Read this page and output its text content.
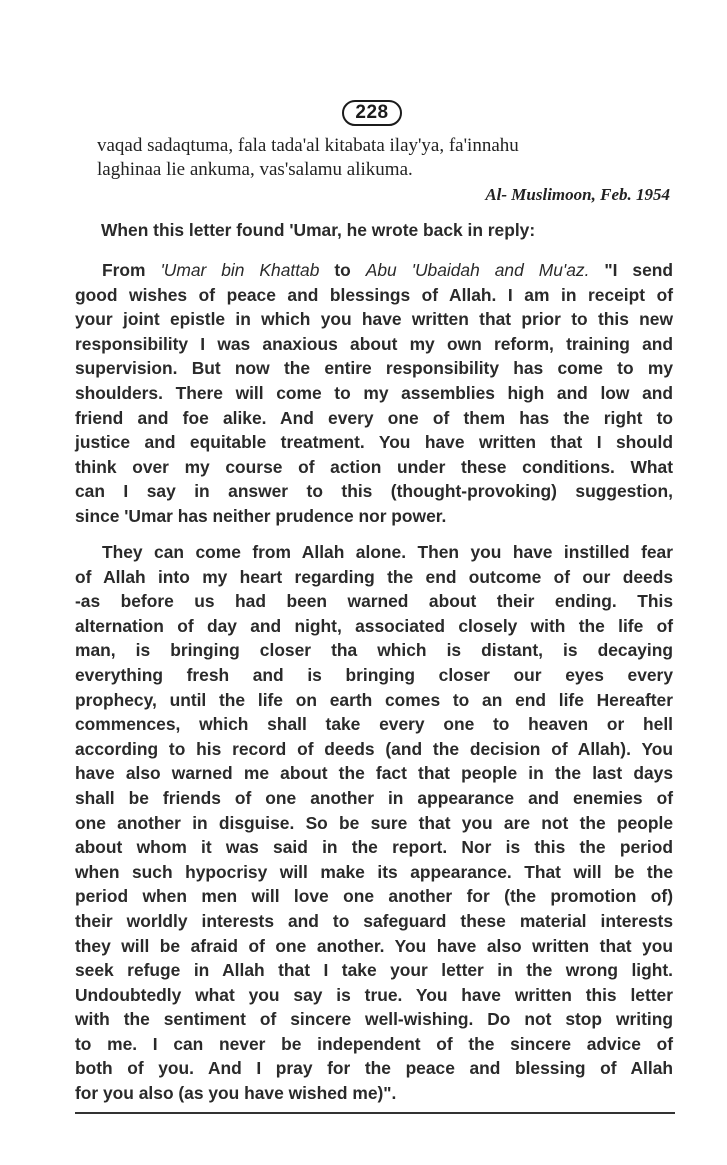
228
vaqad sadaqtuma, fala tada'al kitabata ilay'ya, fa'innahu
laghinaa lie ankuma, vas'salamu alikuma.
Al- Muslimoon, Feb. 1954
When this letter found 'Umar, he wrote back in reply:
From 'Umar bin Khattab to Abu 'Ubaidah and Mu'az. "I send
good wishes of peace and blessings of Allah. I am in receipt of
your joint epistle in which you have written that prior to this new
responsibility I was anaxious about my own reform, training and
supervision. But now the entire responsibility has come to my
shoulders. There will come to my assemblies high and low and
friend and foe alike. And every one of them has the right to
justice and equitable treatment. You have written that I should
think over my course of action under these conditions. What
can I say in answer to this (thought-provoking) suggestion,
since 'Umar has neither prudence nor power.
They can come from Allah alone. Then you have instilled fear
of Allah into my heart regarding the end outcome of our deeds
-as before us had been warned about their ending. This
alternation of day and night, associated closely with the life of
man, is bringing closer tha which is distant, is decaying
everything fresh and is bringing closer our eyes every
prophecy, until the life on earth comes to an end life Hereafter
commences, which shall take every one to heaven or hell
according to his record of deeds (and the decision of Allah). You
have also warned me about the fact that people in the last days
shall be friends of one another in appearance and enemies of
one another in disguise. So be sure that you are not the people
about whom it was said in the report. Nor is this the period
when such hypocrisy will make its appearance. That will be the
period when men will love one another for (the promotion of)
their worldly interests and to safeguard these material interests
they will be afraid of one another. You have also written that you
seek refuge in Allah that I take your letter in the wrong light.
Undoubtedly what you say is true. You have written this letter
with the sentiment of sincere well-wishing. Do not stop writing
to me. I can never be independent of the sincere advice of
both of you. And I pray for the peace and blessing of Allah
for you also (as you have wished me)".
